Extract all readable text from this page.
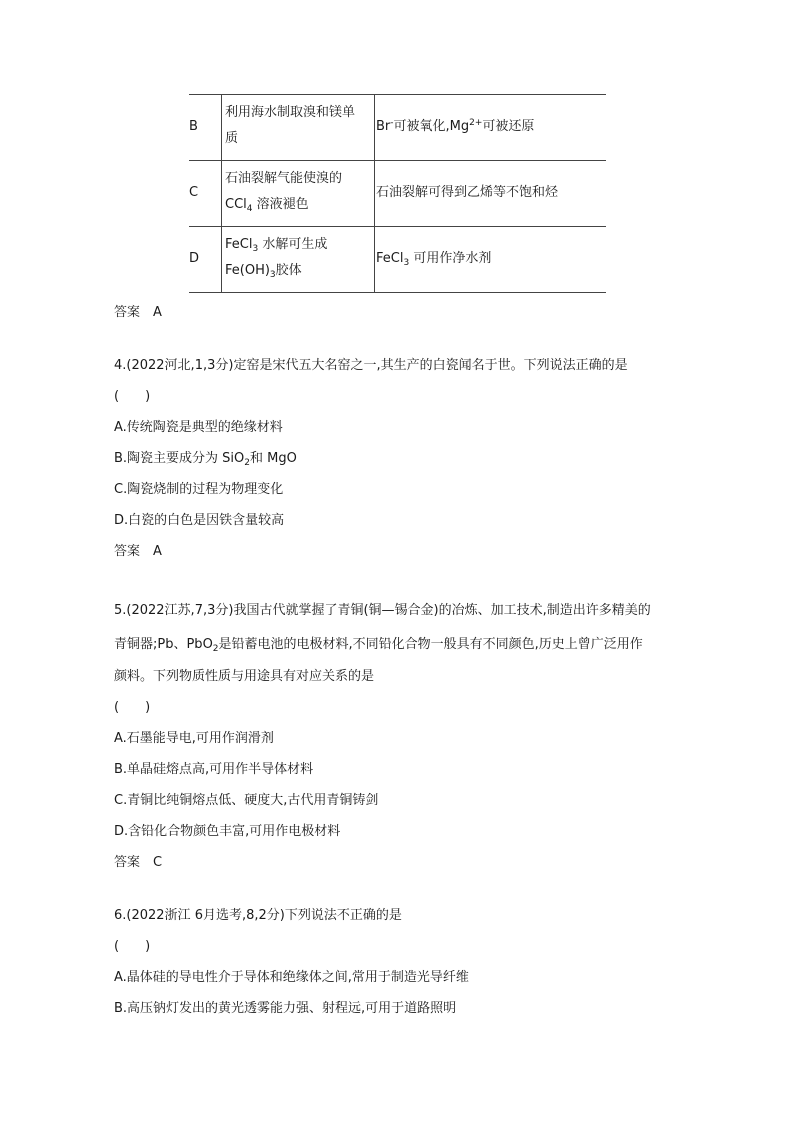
B
利用海水制取溴和镁单
质
Br-可被氧化$,Mg^{2+}$可被还原
C
石油裂解气能使溴的
CCl$_4$ 溶液褪色
石油裂解可得到乙烯等不饱和烃
D
FeCl$_3$ 水解可生成
$Fe(OH)_3$胶体
FeCl$_3$ 可用作净水剂
答案　A
4.(2022河北,1,3分)定窑是宋代五大名窑之一,其生产的白瓷闻名于世。下列说法正确的是
(　　)
A.传统陶瓷是典型的绝缘材料
B.陶瓷主要成分为 SiO$_2$和 MgO
C.陶瓷烧制的过程为物理变化
D.白瓷的白色是因铁含量较高
答案　A
5.(2022江苏,7,3分)我国古代就掌握了青铜(铜—锡合金)的冶炼、加工技术,制造出许多精美的
青铜器;Pb、PbO$_2$是铅蓄电池的电极材料,不同铅化合物一般具有不同颜色,历史上曾广泛用作
颜料。下列物质性质与用途具有对应关系的是
(　　)
A.石墨能导电,可用作润滑剂
B.单晶硅熔点高,可用作半导体材料
C.青铜比纯铜熔点低、硬度大,古代用青铜铸剑
D.含铅化合物颜色丰富,可用作电极材料
答案　C
6.(2022浙江 6月选考,8,2分)下列说法不正确的是
(　　)
A.晶体硅的导电性介于导体和绝缘体之间,常用于制造光导纤维
B.高压钠灯发出的黄光透雾能力强、射程远,可用于道路照明
